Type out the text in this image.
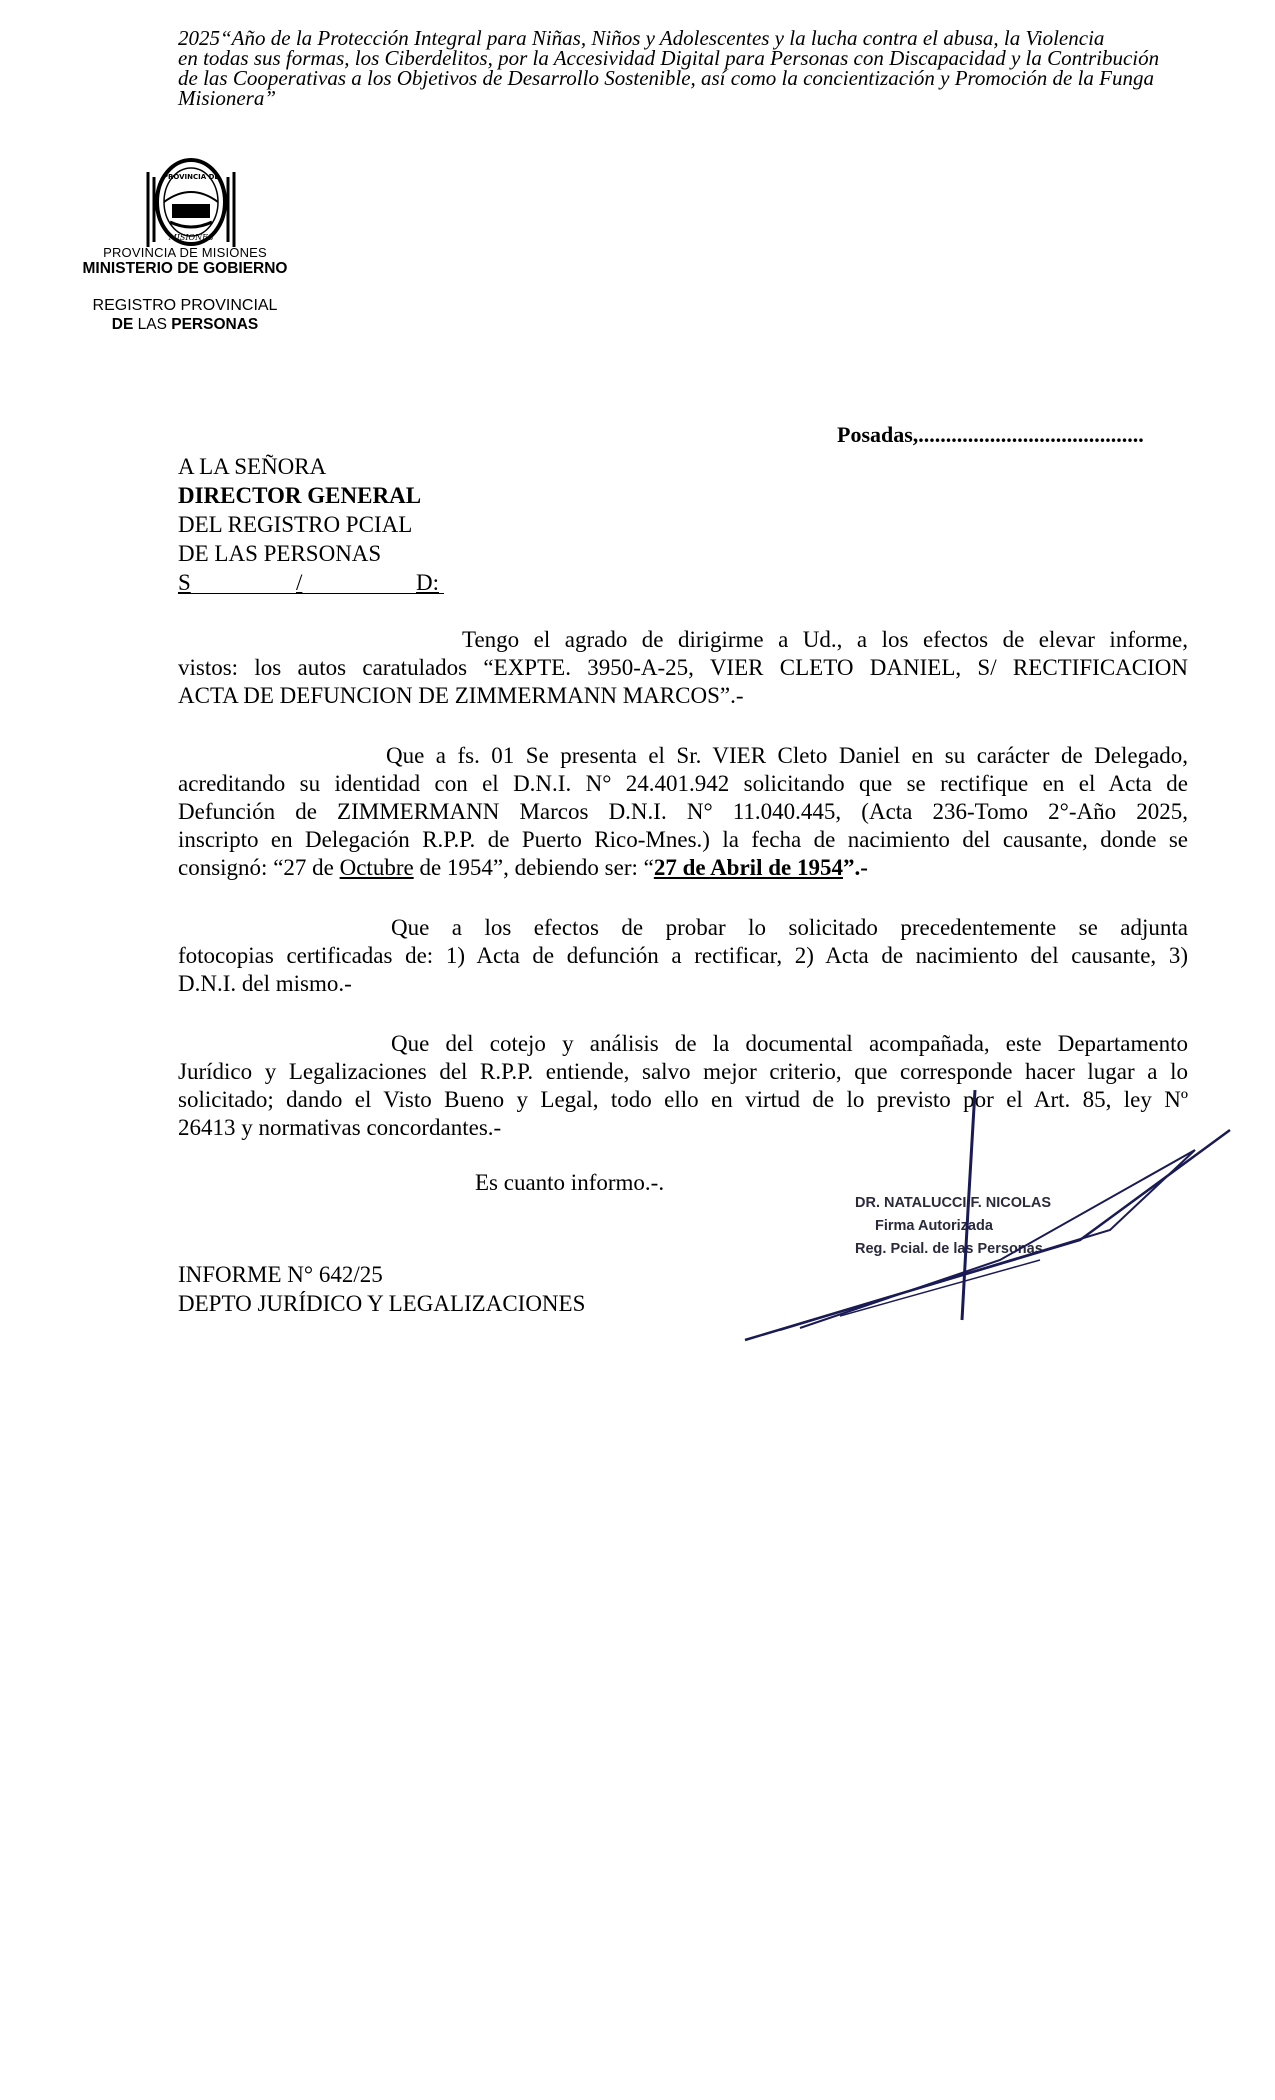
2025“Año de la Protección Integral para Niñas, Niños y Adolescentes y la lucha contra el abusa, la Violencia
en todas sus formas, los Ciberdelitos, por la Accesividad Digital para Personas con Discapacidad y la Contribución
de las Cooperativas a los Objetivos de Desarrollo Sostenible, así como la concientización y Promoción de la Funga
Misionera”
PROVINCIA DE
MISIONES
PROVINCIA DE MISIONES
MINISTERIO DE GOBIERNO
REGISTRO PROVINCIAL
DE LAS PERSONAS
Posadas,.........................................
A LA SEÑORA
DIRECTOR GENERAL
DEL REGISTRO PCIAL
DE LAS PERSONAS
S	/	D:
Tengo el agrado de dirigirme a Ud., a los efectos de elevar informe,
vistos: los autos caratulados “EXPTE. 3950-A-25, VIER CLETO DANIEL, S/ RECTIFICACION
ACTA DE DEFUNCION DE ZIMMERMANN MARCOS”.-
Que a fs. 01 Se presenta el Sr. VIER Cleto Daniel en su carácter de Delegado,
acreditando su identidad con el D.N.I. N° 24.401.942 solicitando que se rectifique en el Acta de
Defunción de ZIMMERMANN Marcos D.N.I. N° 11.040.445, (Acta 236-Tomo 2°-Año 2025,
inscripto en Delegación R.P.P. de Puerto Rico-Mnes.) la fecha de nacimiento del causante, donde se
consignó: “27 de Octubre de 1954”, debiendo ser: “27 de Abril de 1954”.-
Que a los efectos de probar lo solicitado precedentemente se adjunta
fotocopias certificadas de: 1) Acta de defunción a rectificar, 2) Acta de nacimiento del causante, 3)
D.N.I. del mismo.-
Que del cotejo y análisis de la documental acompañada, este Departamento
Jurídico y Legalizaciones del R.P.P. entiende, salvo mejor criterio, que corresponde hacer lugar a lo
solicitado; dando el Visto Bueno y Legal, todo ello en virtud de lo previsto por el Art. 85, ley Nº
26413 y normativas concordantes.-
Es cuanto informo.-.
INFORME N° 642/25
DEPTO JURÍDICO Y LEGALIZACIONES
DR. NATALUCCI F. NICOLAS
Firma Autorizada
Reg. Pcial. de las Personas
